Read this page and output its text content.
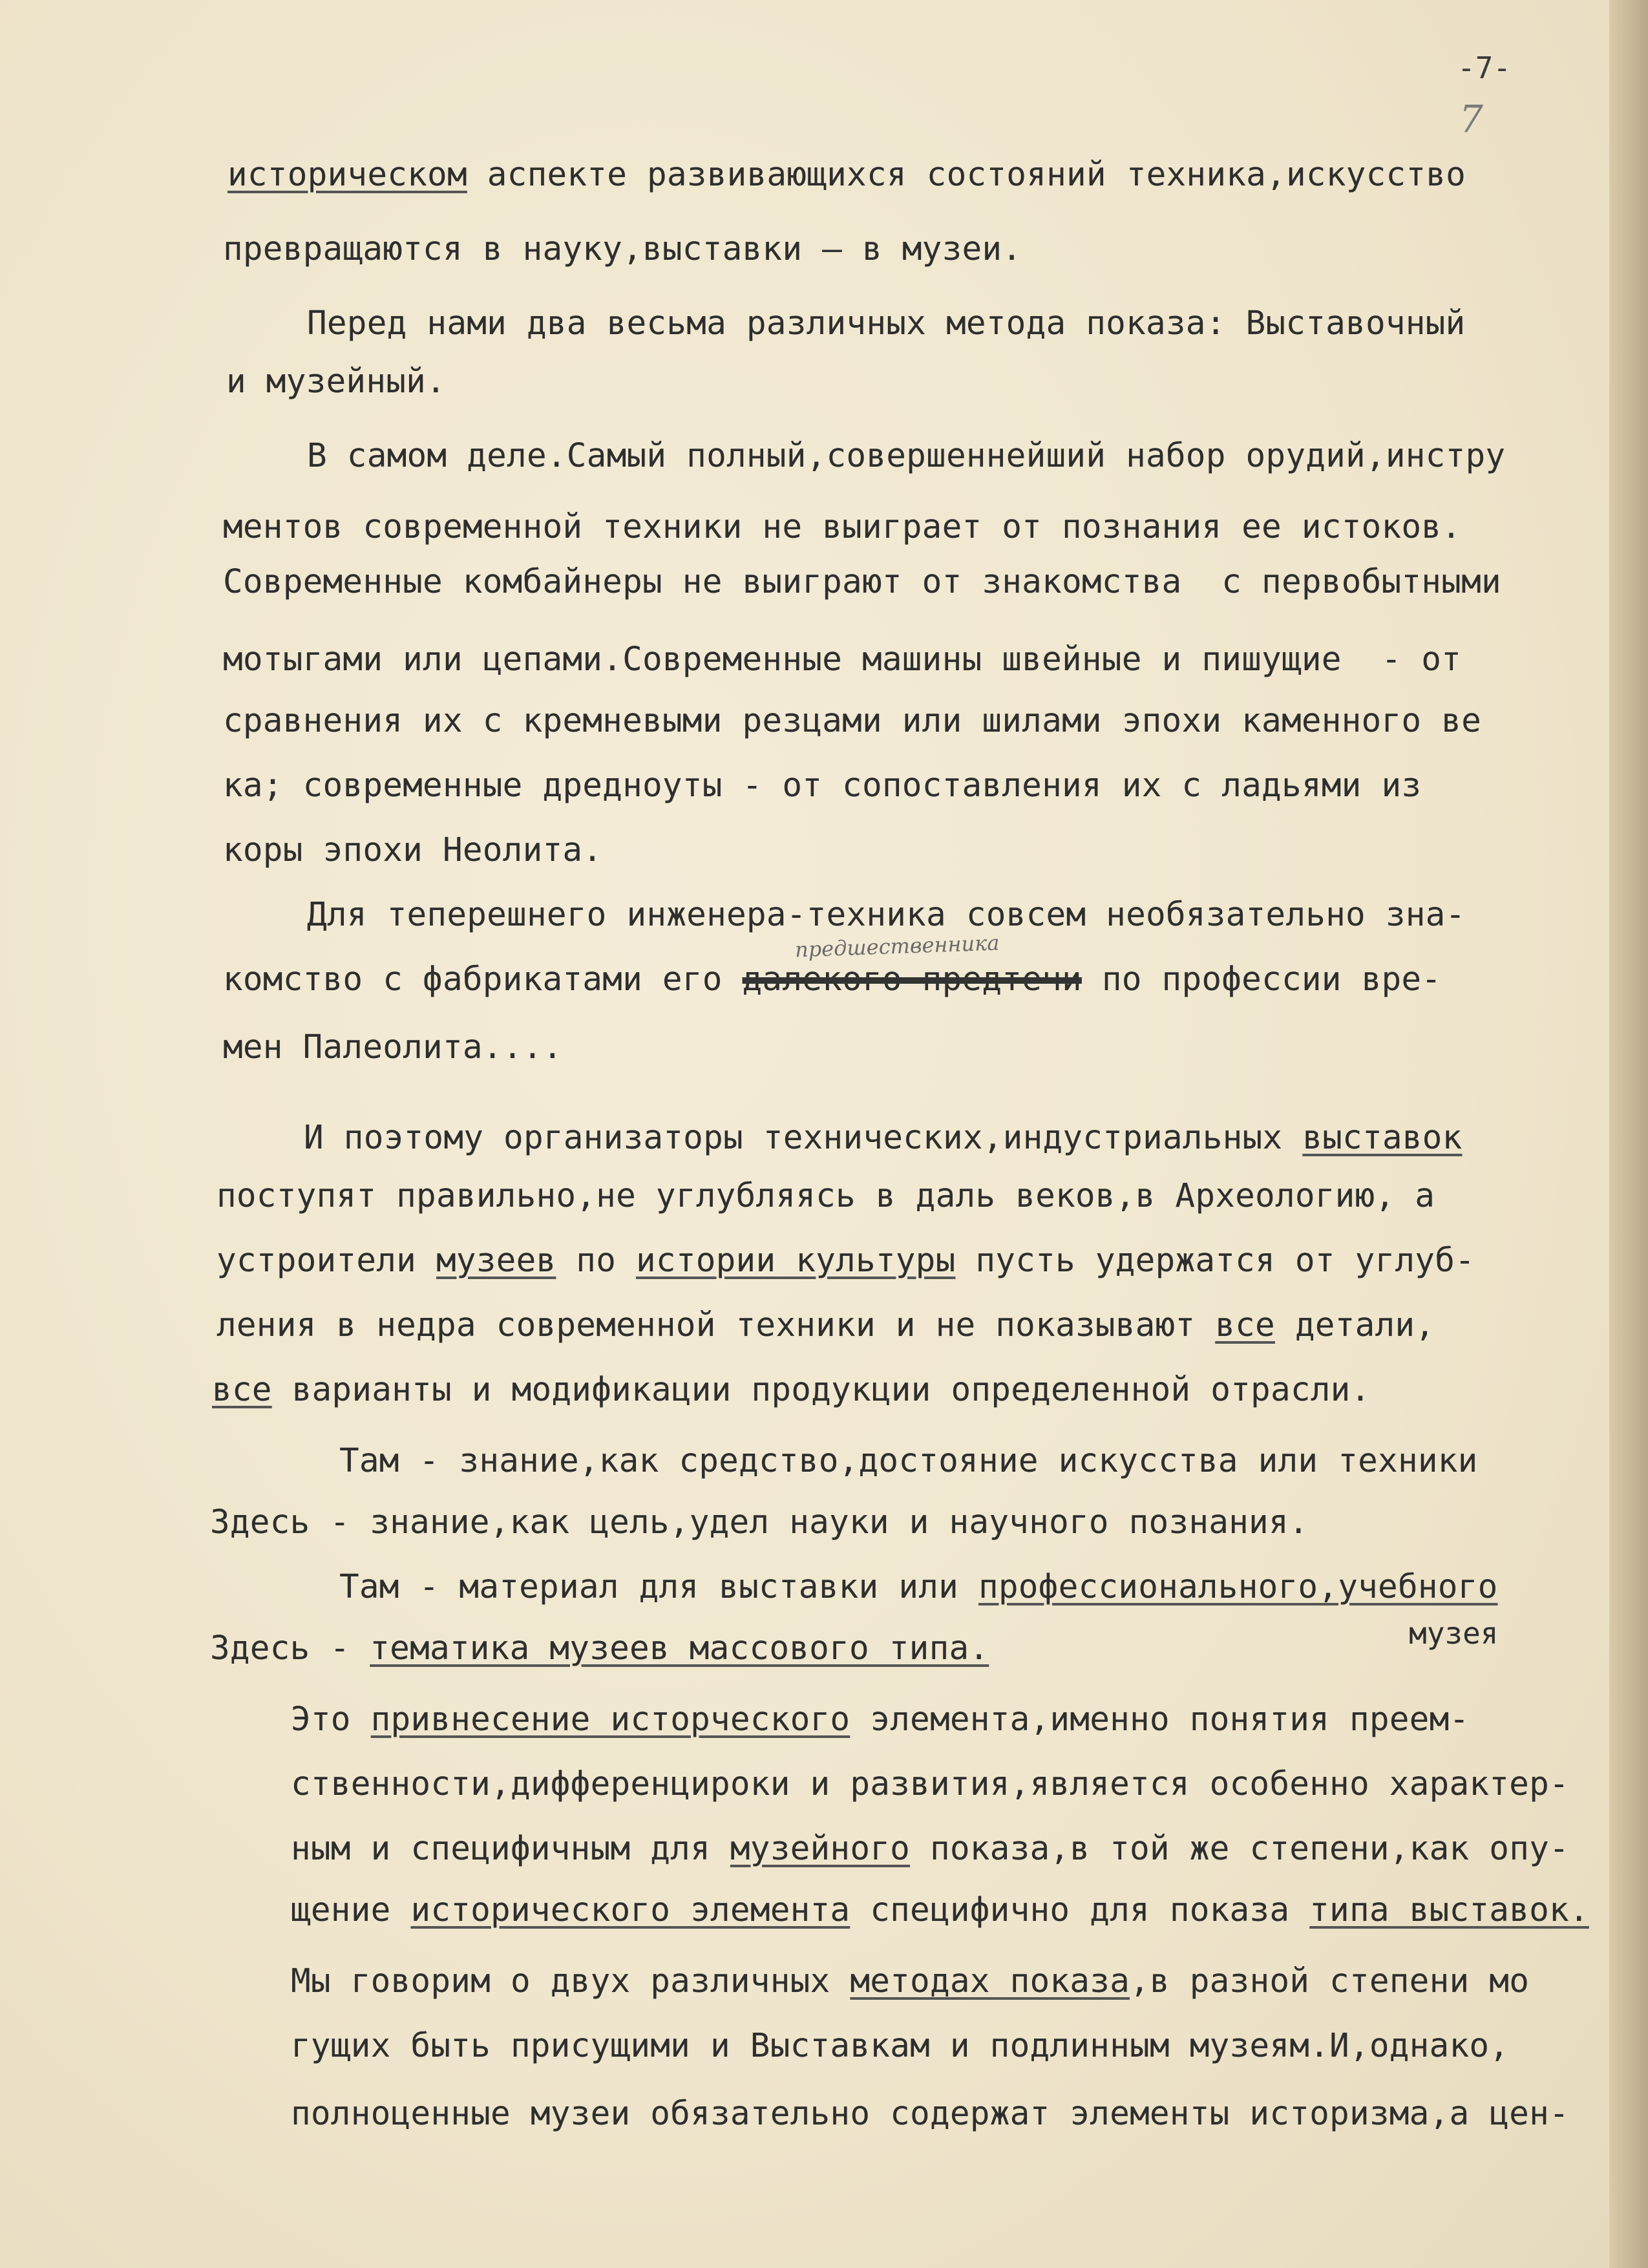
-7-
7
историческом аспекте развивающихся состояний техника,искусство
превращаются в науку,выставки – в музеи.
Перед нами два весьма различных метода показа: Выставочный
и музейный.
В самом деле.Самый полный,совершеннейший набор орудий,инстру
ментов современной техники не выиграет от познания ее истоков.
Современные комбайнеры не выиграют от знакомства  с первобытными
мотыгами или цепами.Современные машины швейные и пишущие  - от
сравнения их с кремневыми резцами или шилами эпохи каменного ве
ка; современные дредноуты - от сопоставления их с ладьями из
коры эпохи Неолита.
Для теперешнего инженера-техника совсем необязательно зна-
комство с фабрикатами его далекого предтечи по профессии вре-
мен Палеолита....
И поэтому организаторы технических,индустриальных выставок
поступят правильно,не углубляясь в даль веков,в Археологию, а
устроители музеев по истории культуры пусть удержатся от углуб-
ления в недра современной техники и не показывают все детали,
все варианты и модификации продукции определенной отрасли.
Там - знание,как средство,достояние искусства или техники
Здесь - знание,как цель,удел науки и научного познания.
Там - материал для выставки или профессионального,учебного
Здесь - тематика музеев массового типа.
Это привнесение исторческого элемента,именно понятия преем-
ственности,дифференцироки и развития,является особенно характер-
ным и специфичным для музейного показа,в той же степени,как опу-
щение исторического элемента специфично для показа типа выставок.
Мы говорим о двух различных методах показа,в разной степени мо
гущих быть присущими и Выставкам и подлинным музеям.И,однако,
полноценные музеи обязательно содержат элементы историзма,а цен-
предшественника
музея
